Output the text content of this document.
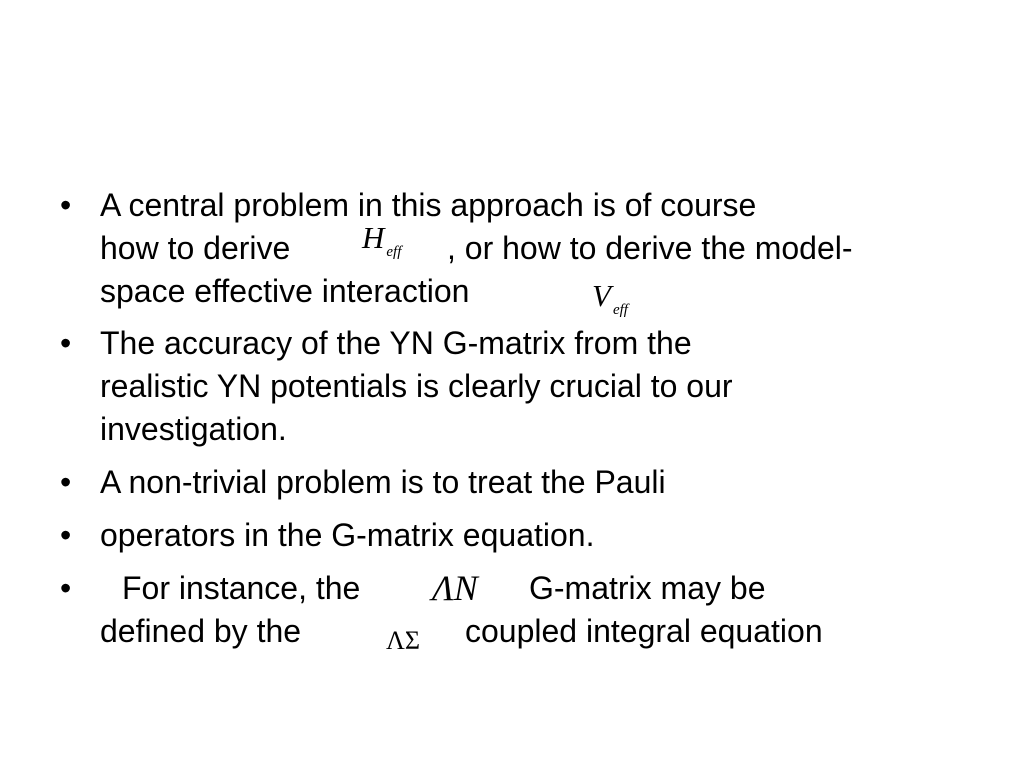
• A central problem in this approach is of course
how to derive Heff , or how to derive the model-
space effective interaction	Veff
• The accuracy of the YN G-matrix from the
realistic YN potentials is clearly crucial to our
investigation.
• A non-trivial problem is to treat the Pauli
• operators in the G-matrix equation.
• For instance, the ΛN G-matrix may be
defined by the	ΛΣ coupled integral equation
